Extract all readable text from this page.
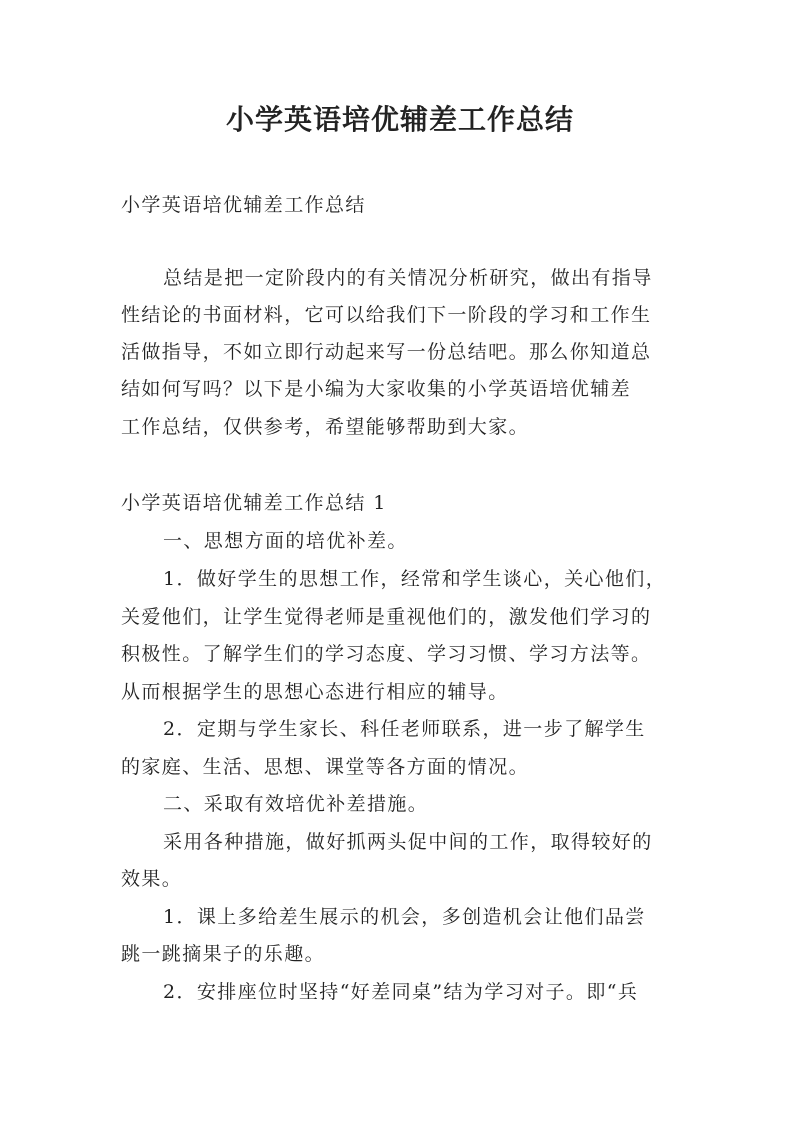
小学英语培优辅差工作总结
小学英语培优辅差工作总结
总结是把一定阶段内的有关情况分析研究，做出有指导
性结论的书面材料，它可以给我们下一阶段的学习和工作生
活做指导，不如立即行动起来写一份总结吧。那么你知道总
结如何写吗？以下是小编为大家收集的小学英语培优辅差
工作总结，仅供参考，希望能够帮助到大家。
小学英语培优辅差工作总结 1
一、思想方面的培优补差。
1．做好学生的思想工作，经常和学生谈心，关心他们，
关爱他们，让学生觉得老师是重视他们的，激发他们学习的
积极性。了解学生们的学习态度、学习习惯、学习方法等。
从而根据学生的思想心态进行相应的辅导。
2．定期与学生家长、科任老师联系，进一步了解学生
的家庭、生活、思想、课堂等各方面的情况。
二、采取有效培优补差措施。
采用各种措施，做好抓两头促中间的工作，取得较好的
效果。
1．课上多给差生展示的机会，多创造机会让他们品尝
跳一跳摘果子的乐趣。
2．安排座位时坚持“好差同桌”结为学习对子。即“兵
